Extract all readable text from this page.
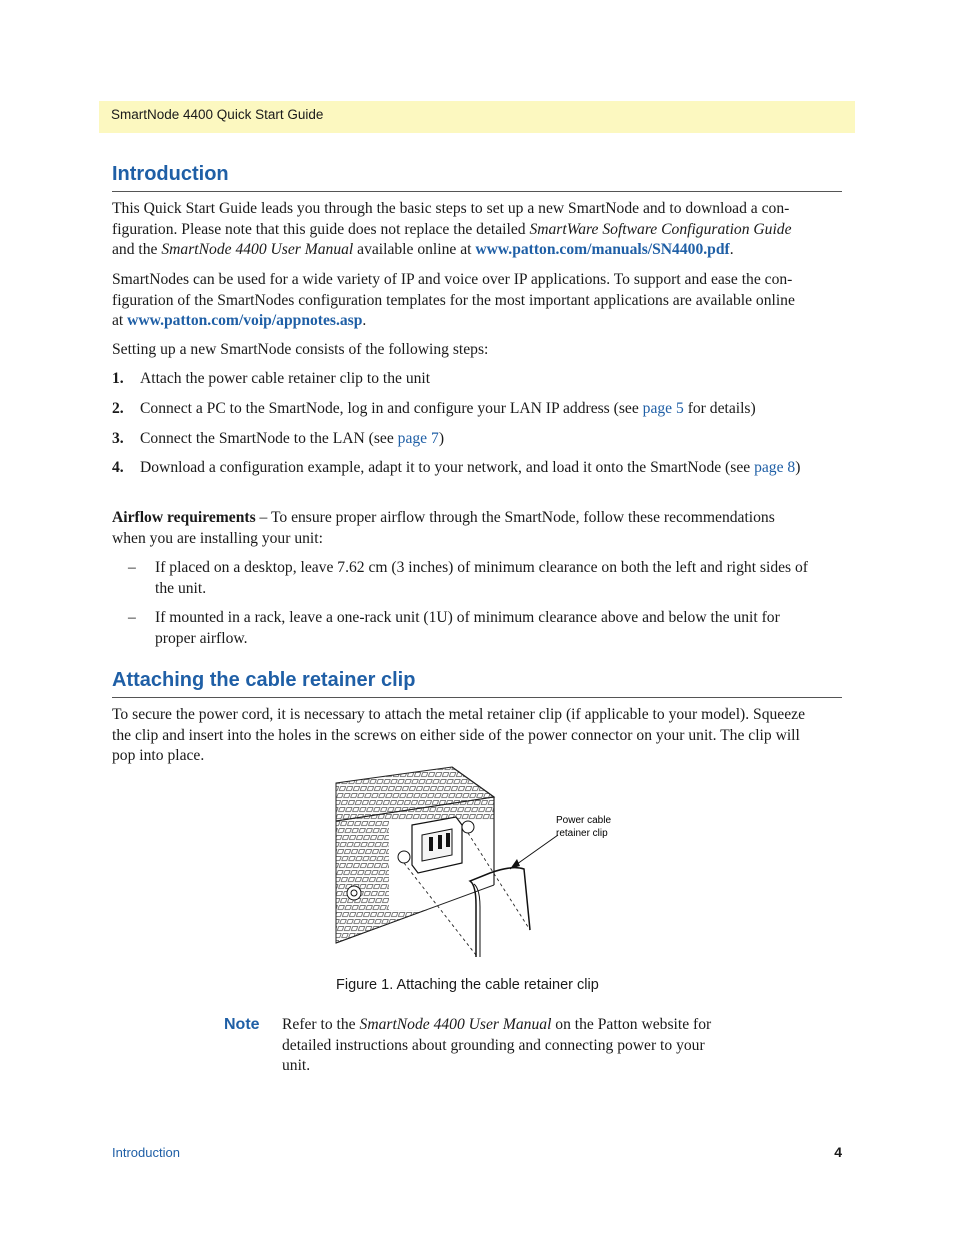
SmartNode 4400 Quick Start Guide
Introduction
This Quick Start Guide leads you through the basic steps to set up a new SmartNode and to download a con-
figuration. Please note that this guide does not replace the detailed SmartWare Software Configuration Guide
and the SmartNode 4400 User Manual available online at www.patton.com/manuals/SN4400.pdf.
SmartNodes can be used for a wide variety of IP and voice over IP applications. To support and ease the con-
figuration of the SmartNodes configuration templates for the most important applications are available online
at www.patton.com/voip/appnotes.asp.
Setting up a new SmartNode consists of the following steps:
1. Attach the power cable retainer clip to the unit
2. Connect a PC to the SmartNode, log in and configure your LAN IP address (see page 5 for details)
3. Connect the SmartNode to the LAN (see page 7)
4. Download a configuration example, adapt it to your network, and load it onto the SmartNode (see page 8)
Airflow requirements – To ensure proper airflow through the SmartNode, follow these recommendations
when you are installing your unit:
– If placed on a desktop, leave 7.62 cm (3 inches) of minimum clearance on both the left and right sides of
the unit.
– If mounted in a rack, leave a one-rack unit (1U) of minimum clearance above and below the unit for
proper airflow.
Attaching the cable retainer clip
To secure the power cord, it is necessary to attach the metal retainer clip (if applicable to your model). Squeeze
the clip and insert into the holes in the screws on either side of the power connector on your unit. The clip will
pop into place.
Power cable
retainer clip
Figure 1. Attaching the cable retainer clip
Note Refer to the SmartNode 4400 User Manual on the Patton website for
detailed instructions about grounding and connecting power to your
unit.
Introduction	4
